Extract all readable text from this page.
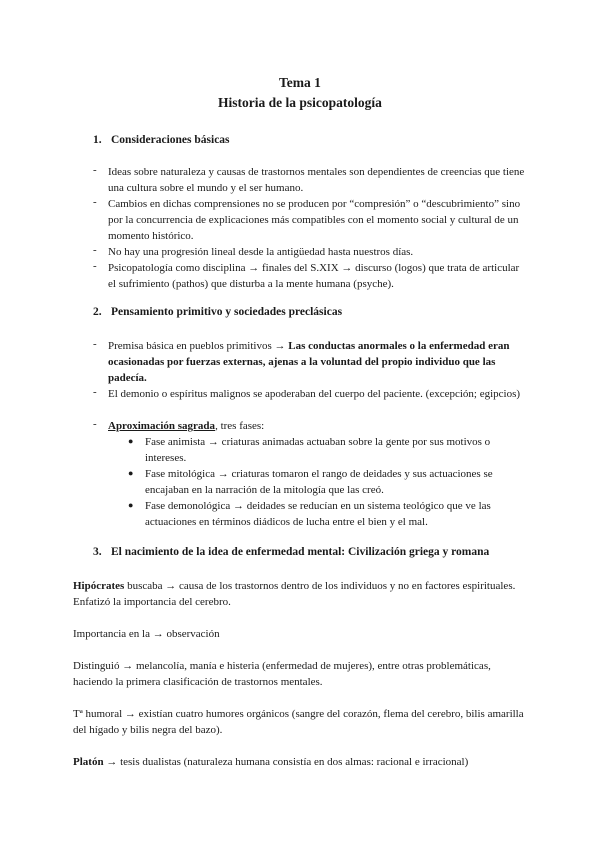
Tema 1
Historia de la psicopatología
1. Consideraciones básicas
- Ideas sobre naturaleza y causas de trastornos mentales son dependientes de creencias que tiene una cultura sobre el mundo y el ser humano.
- Cambios en dichas comprensiones no se producen por “compresión” o “descubrimiento” sino por la concurrencia de explicaciones más compatibles con el momento social y cultural de un momento histórico.
- No hay una progresión lineal desde la antigüedad hasta nuestros días.
- Psicopatología como disciplina → finales del S.XIX → discurso (logos) que trata de articular el sufrimiento (pathos) que disturba a la mente humana (psyche).
2. Pensamiento primitivo y sociedades preclásicas
- Premisa básica en pueblos primitivos → Las conductas anormales o la enfermedad eran ocasionadas por fuerzas externas, ajenas a la voluntad del propio individuo que las padecía.
- El demonio o espíritus malignos se apoderaban del cuerpo del paciente. (excepción; egipcios)
- Aproximación sagrada, tres fases:
● Fase animista → criaturas animadas actuaban sobre la gente por sus motivos o intereses.
● Fase mitológica → criaturas tomaron el rango de deidades y sus actuaciones se encajaban en la narración de la mitología que las creó.
● Fase demonológica → deidades se reducían en un sistema teológico que ve las actuaciones en términos diádicos de lucha entre el bien y el mal.
3. El nacimiento de la idea de enfermedad mental: Civilización griega y romana
Hipócrates buscaba → causa de los trastornos dentro de los individuos y no en factores espirituales. Enfatizó la importancia del cerebro.
Importancia en la → observación
Distinguió → melancolía, manía e histeria (enfermedad de mujeres), entre otras problemáticas, haciendo la primera clasificación de trastornos mentales.
Tª humoral → existían cuatro humores orgánicos (sangre del corazón, flema del cerebro, bilis amarilla del hígado y bilis negra del bazo).
Platón → tesis dualistas (naturaleza humana consistía en dos almas: racional e irracional)
